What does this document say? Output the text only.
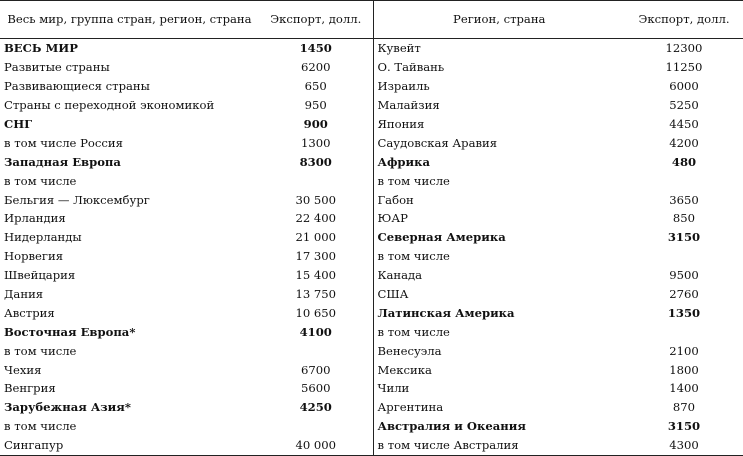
Весь мир, группа стран, регион, страна	Экспорт, долл.	Регион, страна	Экспорт, долл.
ВЕСЬ МИР	1450	Кувейт	12300
Развитые страны	6200	О. Тайвань	11250
Развивающиеся страны	650	Израиль	6000
Страны с переходной экономикой	950	Малайзия	5250
СНГ	900	Япония	4450
в том числе Россия	1300	Саудовская Аравия	4200
Западная Европа	8300	Африка	480
в том числе		в том числе	
Бельгия — Люксембург	30 500	Габон	3650
Ирландия	22 400	ЮАР	850
Нидерланды	21 000	Северная Америка	3150
Норвегия	17 300	в том числе	
Швейцария	15 400	Канада	9500
Дания	13 750	США	2760
Австрия	10 650	Латинская Америка	1350
Восточная Европа*	4100	в том числе	
в том числе		Венесуэла	2100
Чехия	6700	Мексика	1800
Венгрия	5600	Чили	1400
Зарубежная Азия*	4250	Аргентина	870
в том числе		Австралия и Океания	3150
Сингапур	40 000	в том числе Австралия	4300
